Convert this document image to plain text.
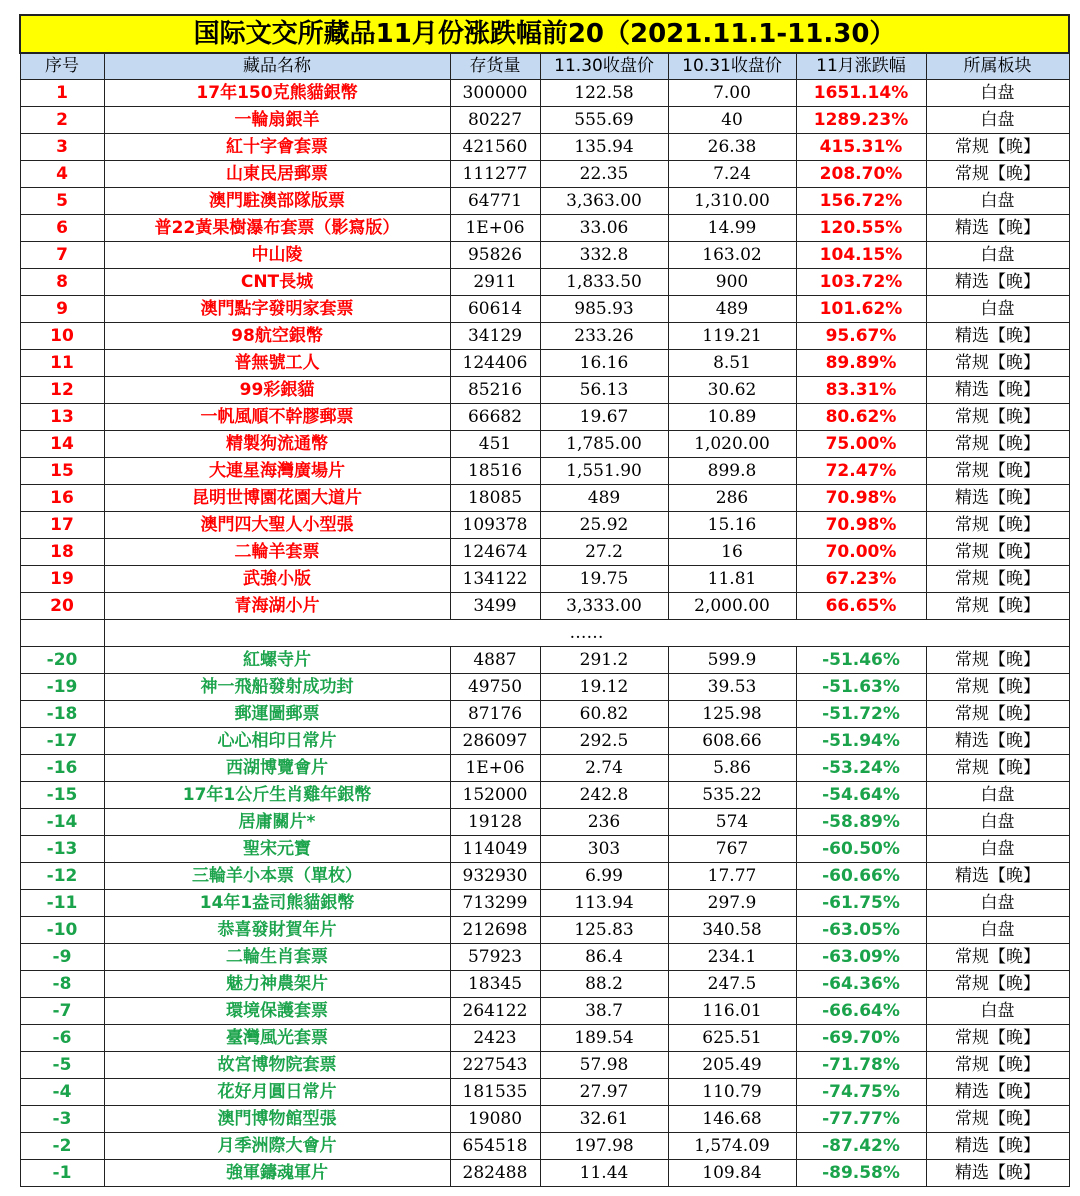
国际文交所藏品11月份涨跌幅前20（2021.11.1-11.30）						
序号	藏品名称	存货量	11.30收盘价	10.31收盘价	11月涨跌幅	所属板块
1	17年150克熊貓銀幣	300000	122.58	7.00	1651.14%	白盘
2	一輪扇銀羊	80227	555.69	40	1289.23%	白盘
3	紅十字會套票	421560	135.94	26.38	415.31%	常规【晚】
4	山東民居郵票	111277	22.35	7.24	208.70%	常规【晚】
5	澳門駐澳部隊版票	64771	3,363.00	1,310.00	156.72%	白盘
6	普22黃果樹瀑布套票（影寫版）	1E+06	33.06	14.99	120.55%	精选【晚】
7	中山陵	95826	332.8	163.02	104.15%	白盘
8	CNT長城	2911	1,833.50	900	103.72%	精选【晚】
9	澳門點字發明家套票	60614	985.93	489	101.62%	白盘
10	98航空銀幣	34129	233.26	119.21	95.67%	精选【晚】
11	普無號工人	124406	16.16	8.51	89.89%	常规【晚】
12	99彩銀貓	85216	56.13	30.62	83.31%	精选【晚】
13	一帆風順不幹膠郵票	66682	19.67	10.89	80.62%	常规【晚】
14	精製狗流通幣	451	1,785.00	1,020.00	75.00%	常规【晚】
15	大連星海灣廣場片	18516	1,551.90	899.8	72.47%	常规【晚】
16	昆明世博園花園大道片	18085	489	286	70.98%	精选【晚】
17	澳門四大聖人小型張	109378	25.92	15.16	70.98%	常规【晚】
18	二輪羊套票	124674	27.2	16	70.00%	常规【晚】
19	武強小版	134122	19.75	11.81	67.23%	常规【晚】
20	青海湖小片	3499	3,333.00	2,000.00	66.65%	常规【晚】
	……					
-20	紅螺寺片	4887	291.2	599.9	-51.46%	常规【晚】
-19	神一飛船發射成功封	49750	19.12	39.53	-51.63%	常规【晚】
-18	郵運圖郵票	87176	60.82	125.98	-51.72%	常规【晚】
-17	心心相印日常片	286097	292.5	608.66	-51.94%	精选【晚】
-16	西湖博覽會片	1E+06	2.74	5.86	-53.24%	常规【晚】
-15	17年1公斤生肖雞年銀幣	152000	242.8	535.22	-54.64%	白盘
-14	居庸關片*	19128	236	574	-58.89%	白盘
-13	聖宋元寶	114049	303	767	-60.50%	白盘
-12	三輪羊小本票（單枚）	932930	6.99	17.77	-60.66%	精选【晚】
-11	14年1盎司熊貓銀幣	713299	113.94	297.9	-61.75%	白盘
-10	恭喜發財賀年片	212698	125.83	340.58	-63.05%	白盘
-9	二輪生肖套票	57923	86.4	234.1	-63.09%	常规【晚】
-8	魅力神農架片	18345	88.2	247.5	-64.36%	常规【晚】
-7	環境保護套票	264122	38.7	116.01	-66.64%	白盘
-6	臺灣風光套票	2423	189.54	625.51	-69.70%	常规【晚】
-5	故宮博物院套票	227543	57.98	205.49	-71.78%	常规【晚】
-4	花好月圓日常片	181535	27.97	110.79	-74.75%	精选【晚】
-3	澳門博物館型張	19080	32.61	146.68	-77.77%	常规【晚】
-2	月季洲際大會片	654518	197.98	1,574.09	-87.42%	精选【晚】
-1	強軍鑄魂軍片	282488	11.44	109.84	-89.58%	精选【晚】
